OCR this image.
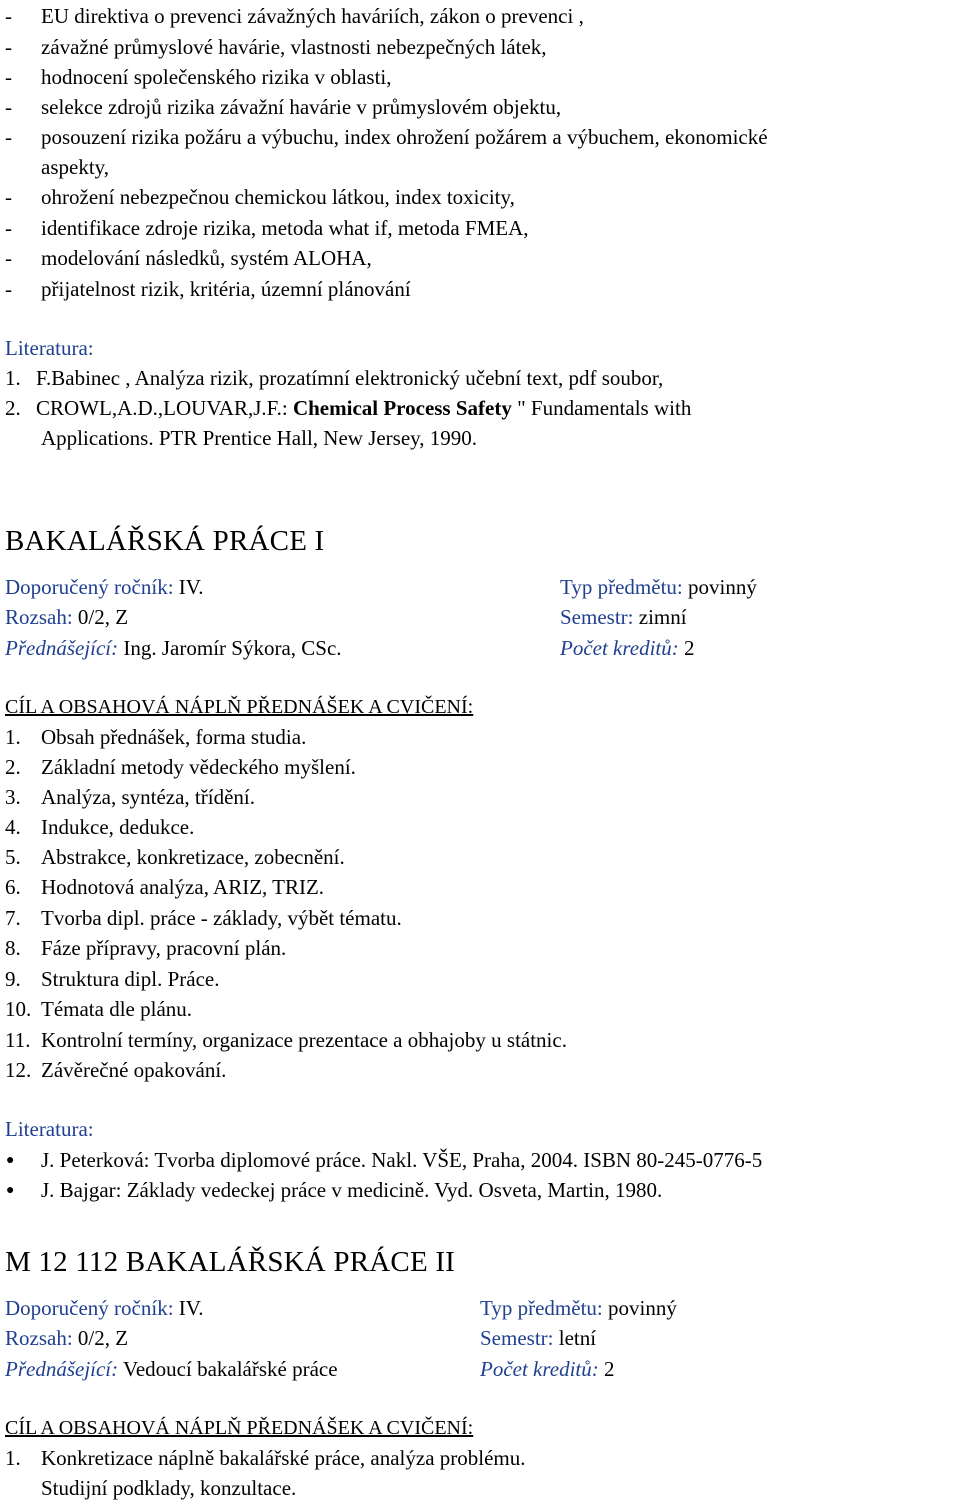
- EU direktiva o prevenci závažných haváriích, zákon o prevenci ,
- závažné průmyslové havárie, vlastnosti nebezpečných látek,
- hodnocení společenského rizika v oblasti,
- selekce zdrojů rizika závažní havárie v průmyslovém objektu,
- posouzení rizika požáru a výbuchu, index ohrožení požárem a výbuchem, ekonomické
aspekty,
- ohrožení nebezpečnou chemickou látkou, index toxicity,
- identifikace zdroje rizika, metoda what if, metoda FMEA,
- modelování následků, systém ALOHA,
- přijatelnost rizik, kritéria, územní plánování
Literatura:
1. F.Babinec , Analýza rizik, prozatímní elektronický učební text, pdf soubor,
2. CROWL,A.D.,LOUVAR,J.F.: Chemical Process Safety " Fundamentals with
Applications. PTR Prentice Hall, New Jersey, 1990.
BAKALÁŘSKÁ PRÁCE I
Doporučený ročník: IV.	Typ předmětu: povinný
Rozsah: 0/2, Z	Semestr: zimní
Přednášející: Ing. Jaromír Sýkora, CSc.	Počet kreditů: 2
CÍL A OBSAHOVÁ NÁPLŇ PŘEDNÁŠEK A CVIČENÍ:
1. Obsah přednášek, forma studia.
2. Základní metody vědeckého myšlení.
3. Analýza, syntéza, třídění.
4. Indukce, dedukce.
5. Abstrakce, konkretizace, zobecnění.
6. Hodnotová analýza, ARIZ, TRIZ.
7. Tvorba dipl. práce - základy, výbět tématu.
8. Fáze přípravy, pracovní plán.
9. Struktura dipl. Práce.
10. Témata dle plánu.
11. Kontrolní termíny, organizace prezentace a obhajoby u státnic.
12. Závěrečné opakování.
Literatura:
● J. Peterková: Tvorba diplomové práce. Nakl. VŠE, Praha, 2004. ISBN 80-245-0776-5
● J. Bajgar: Základy vedeckej práce v medicině. Vyd. Osveta, Martin, 1980.
M 12 112 BAKALÁŘSKÁ PRÁCE II
Doporučený ročník: IV.	Typ předmětu: povinný
Rozsah: 0/2, Z	Semestr: letní
Přednášející: Vedoucí bakalářské práce	Počet kreditů: 2
CÍL A OBSAHOVÁ NÁPLŇ PŘEDNÁŠEK A CVIČENÍ:
1. Konkretizace náplně bakalářské práce, analýza problému.
Studijní podklady, konzultace.
